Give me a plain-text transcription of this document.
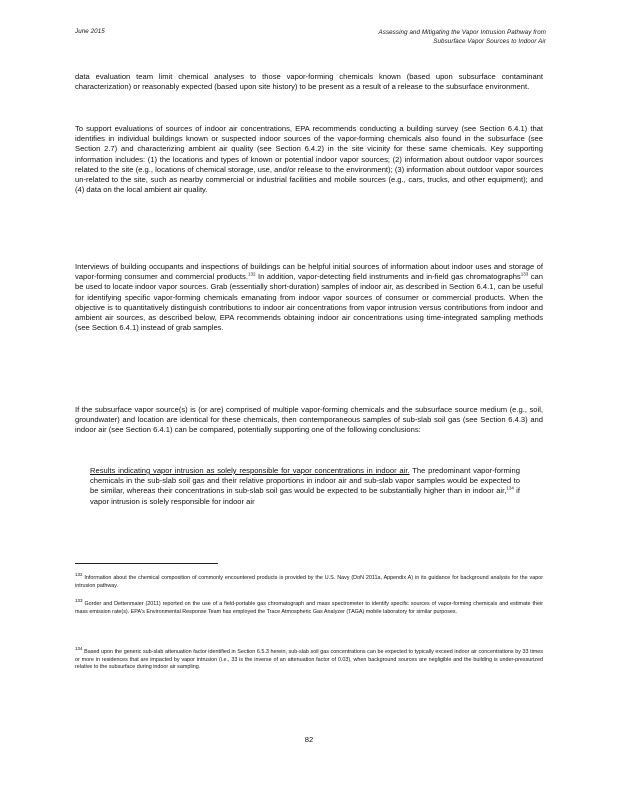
June 2015	Assessing and Mitigating the Vapor Intrusion Pathway from
Subsurface Vapor Sources to Indoor Air

data evaluation team limit chemical analyses to those vapor-forming chemicals known (based upon subsurface contaminant characterization) or reasonably expected (based upon site history) to be present as a result of a release to the subsurface environment.

To support evaluations of sources of indoor air concentrations, EPA recommends conducting a building survey (see Section 6.4.1) that identifies in individual buildings known or suspected indoor sources of the vapor-forming chemicals also found in the subsurface (see Section 2.7) and characterizing ambient air quality (see Section 6.4.2) in the site vicinity for these same chemicals. Key supporting information includes: (1) the locations and types of known or potential indoor vapor sources; (2) information about outdoor vapor sources related to the site (e.g., locations of chemical storage, use, and/or release to the environment); (3) information about outdoor vapor sources un-related to the site, such as nearby commercial or industrial facilities and mobile sources (e.g., cars, trucks, and other equipment); and (4) data on the local ambient air quality.

Interviews of building occupants and inspections of buildings can be helpful initial sources of information about indoor uses and storage of vapor-forming consumer and commercial products.$^{132}$ In addition, vapor-detecting field instruments and in-field gas chromatographs$^{133}$ can be used to locate indoor vapor sources. Grab (essentially short-duration) samples of indoor air, as described in Section 6.4.1, can be useful for identifying specific vapor-forming chemicals emanating from indoor vapor sources of consumer or commercial products. When the objective is to quantitatively distinguish contributions to indoor air concentrations from vapor intrusion versus contributions from indoor and ambient air sources, as described below, EPA recommends obtaining indoor air concentrations using time-integrated sampling methods (see Section 6.4.1) instead of grab samples.

If the subsurface vapor source(s) is (or are) comprised of multiple vapor-forming chemicals and the subsurface source medium (e.g., soil, groundwater) and location are identical for these chemicals, then contemporaneous samples of sub-slab soil gas (see Section 6.4.3) and indoor air (see Section 6.4.1) can be compared, potentially supporting one of the following conclusions:

Results indicating vapor intrusion as solely responsible for vapor concentrations in indoor air. The predominant vapor-forming chemicals in the sub-slab soil gas and their relative proportions in indoor air and sub-slab vapor samples would be expected to be similar, whereas their concentrations in sub-slab soil gas would be expected to be substantially higher than in indoor air,$^{134}$ if vapor intrusion is solely responsible for indoor air

$^{132}$ Information about the chemical composition of commonly encountered products is provided by the U.S. Navy (DoN 2011a, Appendix A) in its guidance for background analysis for the vapor intrusion pathway.

$^{133}$ Gorder and Dettenmaier (2011) reported on the use of a field-portable gas chromatograph and mass spectrometer to identify specific sources of vapor-forming chemicals and estimate their mass emission rate(s). EPA's Environmental Response Team has employed the Trace Atmospheric Gas Analyzer (TAGA) mobile laboratory for similar purposes.

$^{134}$ Based upon the generic sub-slab attenuation factor identified in Section 6.5.3 herein, sub-slab soil gas concentrations can be expected to typically exceed indoor air concentrations by 33 times or more in residences that are impacted by vapor intrusion (i.e., 33 is the inverse of an attenuation factor of 0.03), when background sources are negligible and the building is under-pressurized relative to the subsurface during indoor air sampling.

82
